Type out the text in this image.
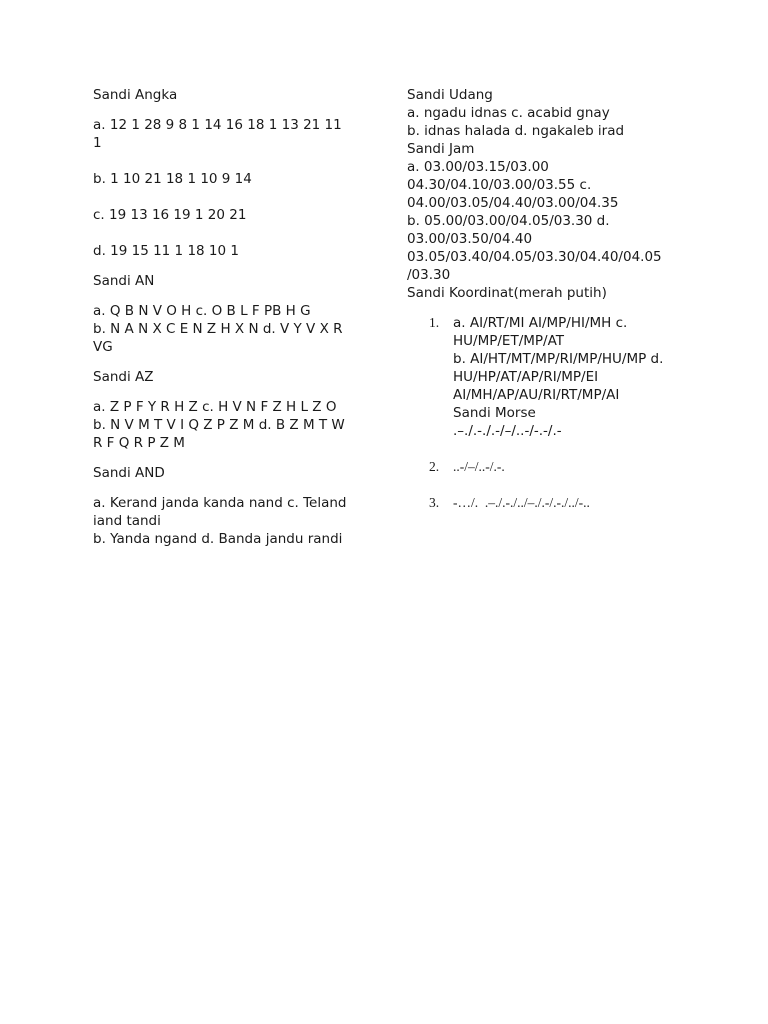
Sandi Angka
a. 12 1 28 9 8 1 14 16 18 1 13 21 11
1
b. 1 10 21 18 1 10 9 14
c. 19 13 16 19 1 20 21
d. 19 15 11 1 18 10 1
Sandi AN
a. Q B N V O H c. O B L F PB H G
b. N A N X C E N Z H X N d. V Y V X R
VG
Sandi AZ
a. Z P F Y R H Z c. H V N F Z H L Z O
b. N V M T V I Q Z P Z M d. B Z M T W
R F Q R P Z M
Sandi AND
a. Kerand janda kanda nand c. Teland
iand tandi
b. Yanda ngand d. Banda jandu randi
Sandi Udang
a. ngadu idnas c. acabid gnay
b. idnas halada d. ngakaleb irad
Sandi Jam
a. 03.00/03.15/03.00
04.30/04.10/03.00/03.55 c.
04.00/03.05/04.40/03.00/04.35
b. 05.00/03.00/04.05/03.30 d.
03.00/03.50/04.40
03.05/03.40/04.05/03.30/04.40/04.05
/03.30
Sandi Koordinat(merah putih)
1. a. AI/RT/MI AI/MP/HI/MH c.
HU/MP/ET/MP/AT
b. AI/HT/MT/MP/RI/MP/HU/MP d.
HU/HP/AT/AP/RI/MP/EI
AI/MH/AP/AU/RI/RT/MP/AI
Sandi Morse
.–./.-./.-/–/..-/-.-/.-
2. ..-/–/..-/.-.
3. -…/.  .–./.-./../–./.-/.-./../-..
